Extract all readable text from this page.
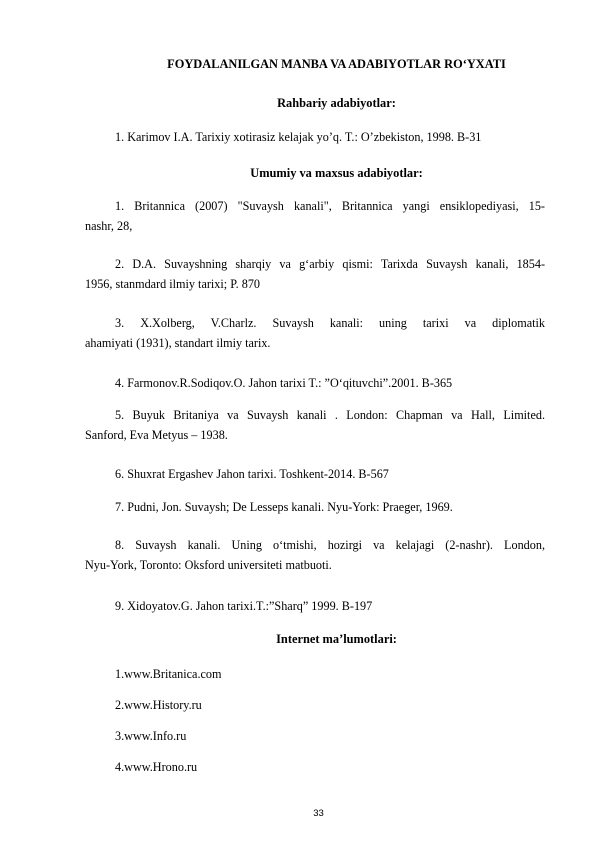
FOYDALANILGAN MANBA VA ADABIYOTLAR RO‘YXATI
Rahbariy adabiyotlar:
1. Karimov I.A. Tarixiy xotirasiz kelajak yo’q. T.: O’zbekiston, 1998. B-31
Umumiy va maxsus adabiyotlar:
1. Britannica (2007) "Suvaysh kanali", Britannica yangi ensiklopediyasi, 15-
nashr, 28,
2. D.A. Suvayshning sharqiy va g‘arbiy qismi: Tarixda Suvaysh kanali, 1854-
1956, stanmdard ilmiy tarixi; P. 870
3. X.Xolberg, V.Charlz. Suvaysh kanali: uning tarixi va diplomatik
ahamiyati (1931), standart ilmiy tarix.
4. Farmonov.R.Sodiqov.O. Jahon tarixi T.: ”O‘qituvchi”.2001. B-365
5. Buyuk Britaniya va Suvaysh kanali . London: Chapman va Hall, Limited.
Sanford, Eva Metyus – 1938.
6. Shuxrat Ergashev Jahon tarixi. Toshkent-2014. B-567
7. Pudni, Jon. Suvaysh; De Lesseps kanali. Nyu-York: Praeger, 1969.
8. Suvaysh kanali. Uning o‘tmishi, hozirgi va kelajagi (2-nashr). London,
Nyu-York, Toronto: Oksford universiteti matbuoti.
9. Xidoyatov.G. Jahon tarixi.T.:”Sharq” 1999. B-197
Internet ma’lumotlari:
1.www.Britanica.com
2.www.History.ru
3.www.Info.ru
4.www.Hrono.ru
33
